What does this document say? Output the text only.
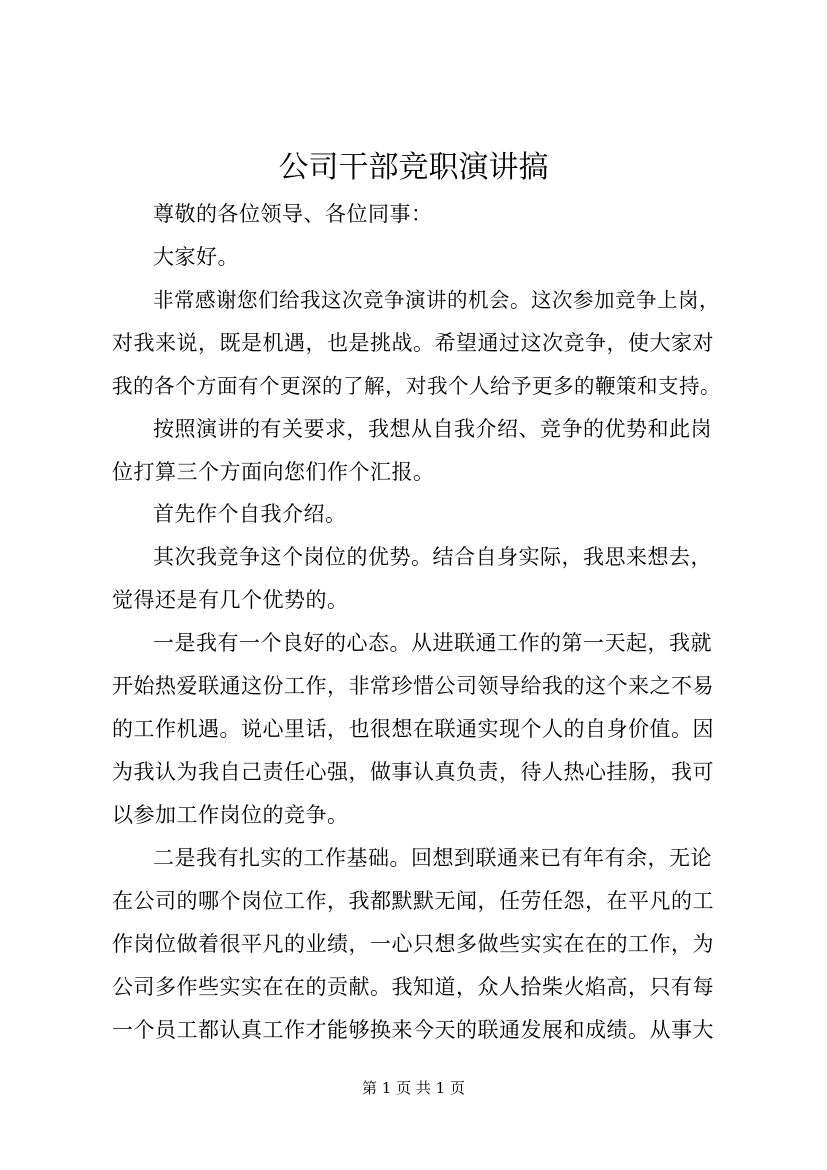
公司干部竞职演讲搞
尊敬的各位领导、各位同事：
大家好。
非常感谢您们给我这次竞争演讲的机会。这次参加竞争上岗，
对我来说，既是机遇，也是挑战。希望通过这次竞争，使大家对
我的各个方面有个更深的了解，对我个人给予更多的鞭策和支持。
按照演讲的有关要求，我想从自我介绍、竞争的优势和此岗
位打算三个方面向您们作个汇报。
首先作个自我介绍。
其次我竞争这个岗位的优势。结合自身实际，我思来想去，
觉得还是有几个优势的。
一是我有一个良好的心态。从进联通工作的第一天起，我就
开始热爱联通这份工作，非常珍惜公司领导给我的这个来之不易
的工作机遇。说心里话，也很想在联通实现个人的自身价值。因
为我认为我自己责任心强，做事认真负责，待人热心挂肠，我可
以参加工作岗位的竞争。
二是我有扎实的工作基础。回想到联通来已有年有余，无论
在公司的哪个岗位工作，我都默默无闻，任劳任怨，在平凡的工
作岗位做着很平凡的业绩，一心只想多做些实实在在的工作，为
公司多作些实实在在的贡献。我知道，众人拾柴火焰高，只有每
一个员工都认真工作才能够换来今天的联通发展和成绩。从事大
第 1 页 共 1 页
